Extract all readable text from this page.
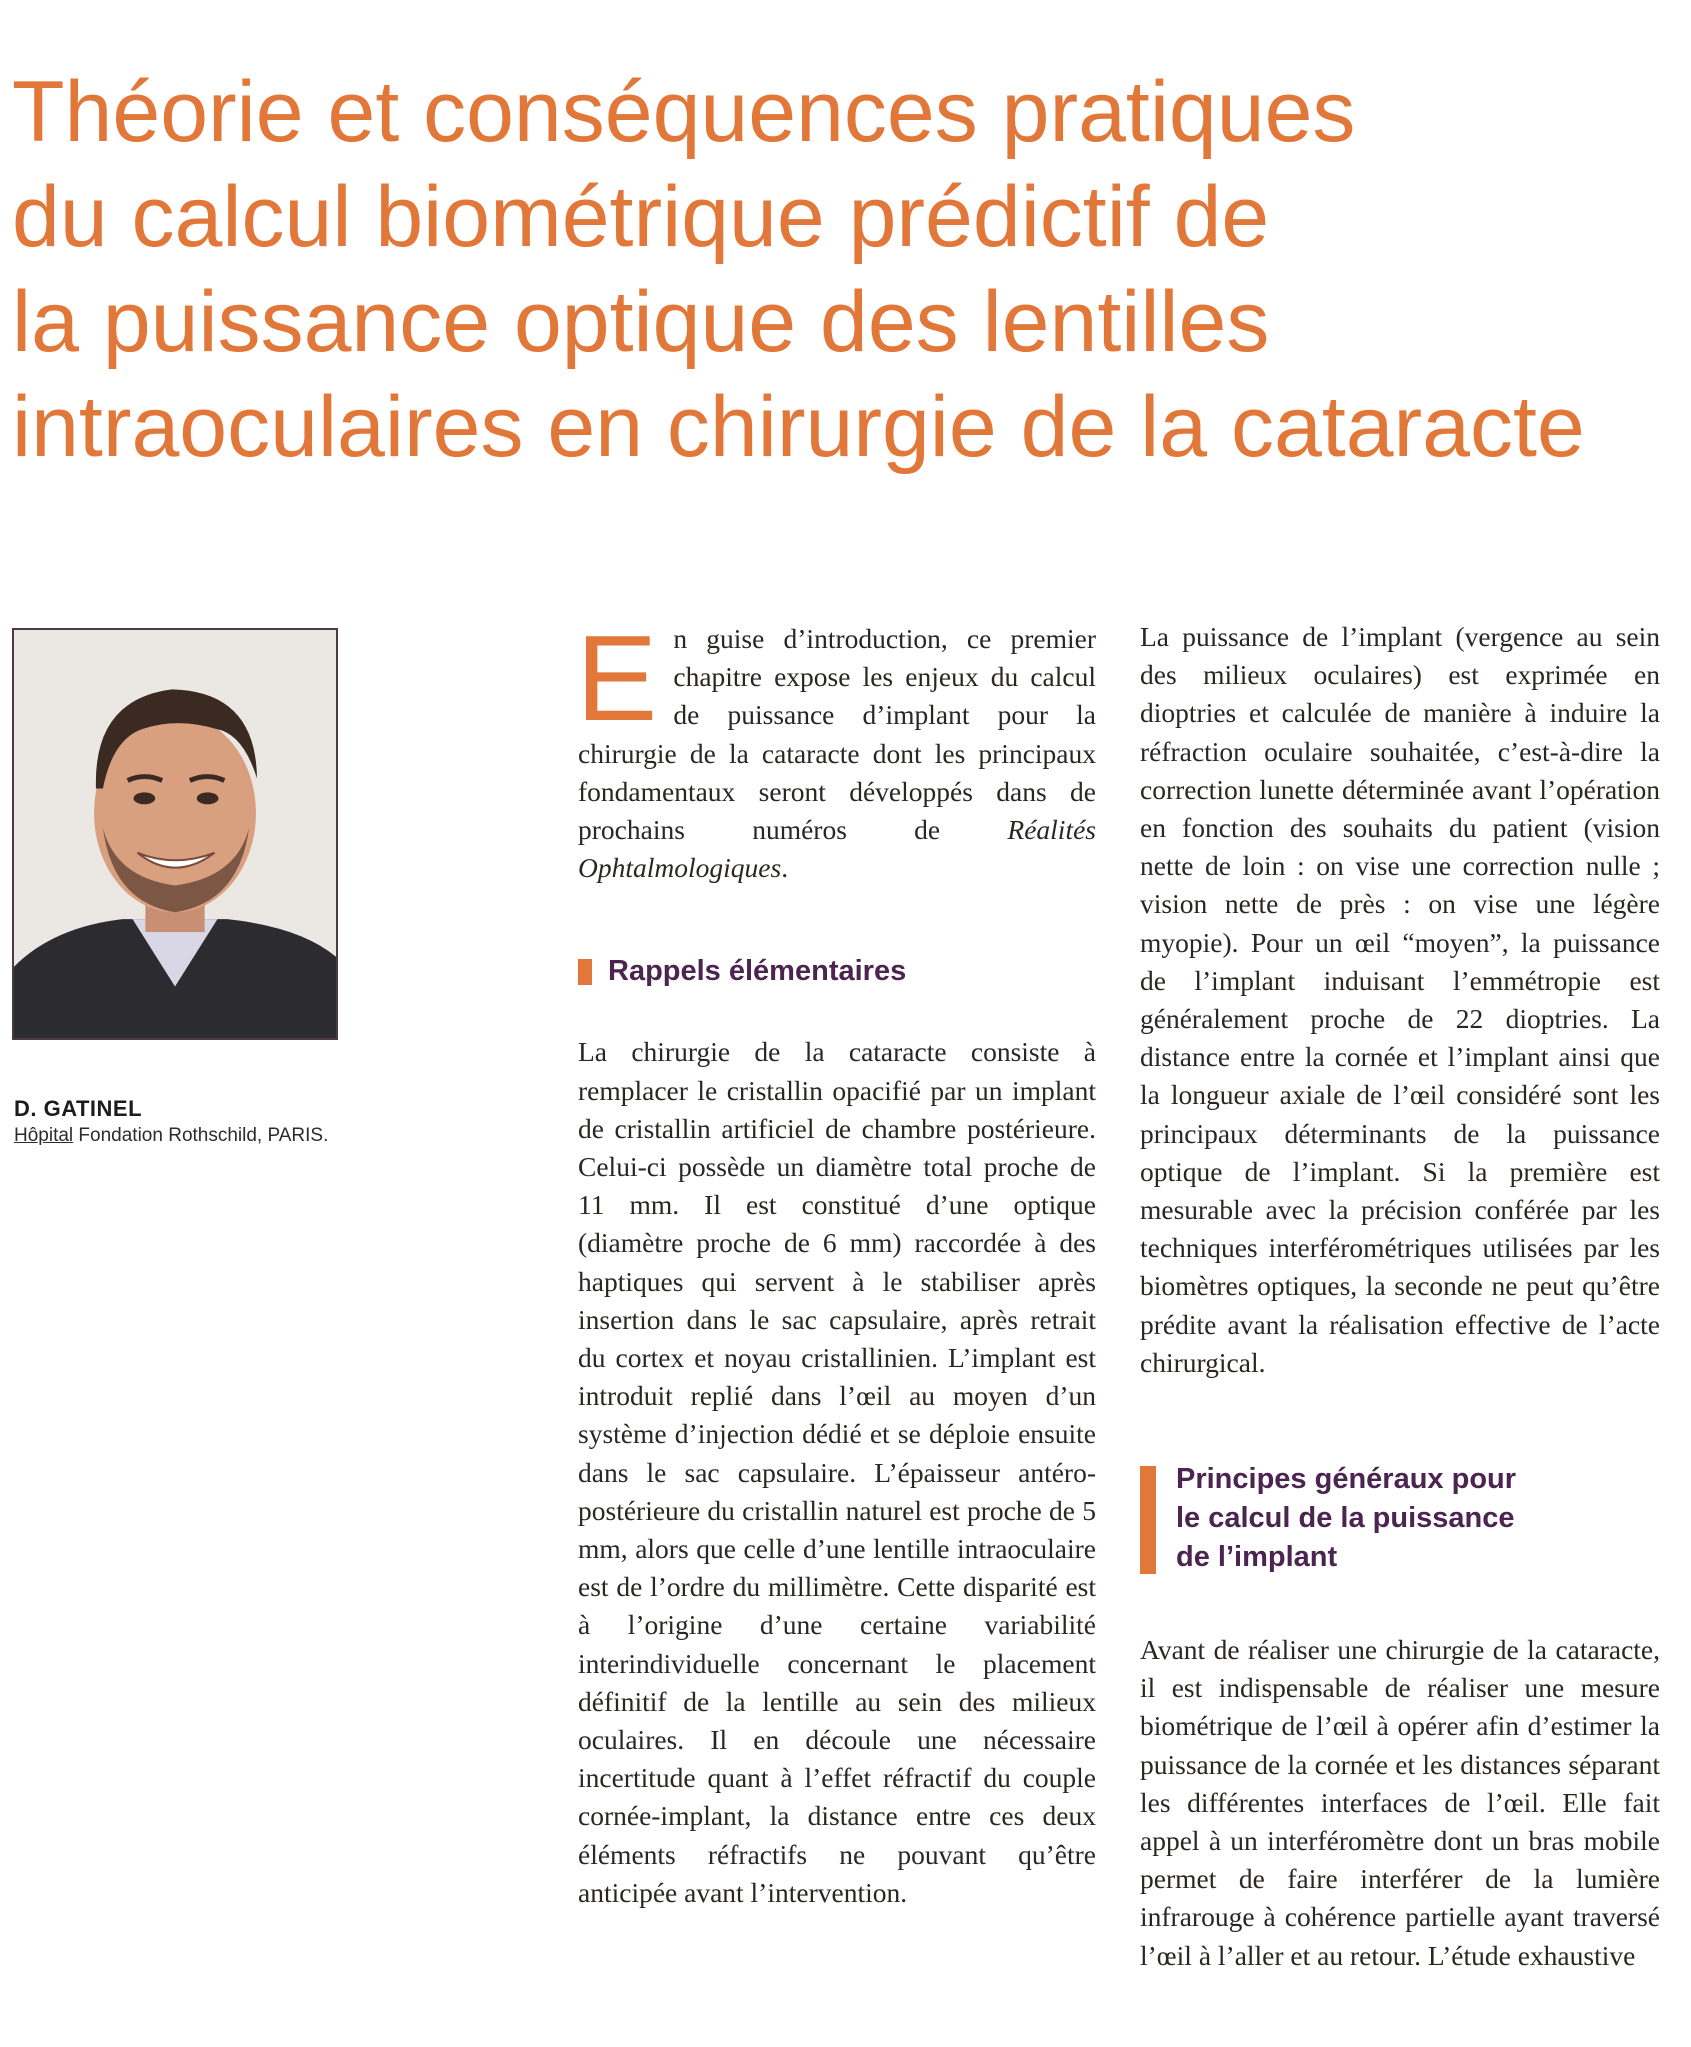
Théorie et conséquences pratiques
du calcul biométrique prédictif de
la puissance optique des lentilles
intraoculaires en chirurgie de la cataracte
D. GATINEL
Hôpital Fondation Rothschild, PARIS.

En guise d’introduction, ce premier chapitre expose les enjeux du calcul de puissance d’implant pour la chirurgie de la cataracte dont les principaux fondamentaux seront développés dans de prochains numéros de Réalités Ophtalmologiques.

Rappels élémentaires

La chirurgie de la cataracte consiste à remplacer le cristallin opacifié par un implant de cristallin artificiel de chambre postérieure. Celui-ci possède un diamètre total proche de 11 mm. Il est constitué d’une optique (diamètre proche de 6 mm) raccordée à des haptiques qui servent à le stabiliser après insertion dans le sac capsulaire, après retrait du cortex et noyau cristallinien. L’implant est introduit replié dans l’œil au moyen d’un système d’injection dédié et se déploie ensuite dans le sac capsulaire. L’épaisseur antéro-postérieure du cristallin naturel est proche de 5 mm, alors que celle d’une lentille intraoculaire est de l’ordre du millimètre. Cette disparité est à l’origine d’une certaine variabilité interindividuelle concernant le placement définitif de la lentille au sein des milieux oculaires. Il en découle une nécessaire incertitude quant à l’effet réfractif du couple cornée-implant, la distance entre ces deux éléments réfractifs ne pouvant qu’être anticipée avant l’intervention.

La puissance de l’implant (vergence au sein des milieux oculaires) est exprimée en dioptries et calculée de manière à induire la réfraction oculaire souhaitée, c’est-à-dire la correction lunette déterminée avant l’opération en fonction des souhaits du patient (vision nette de loin : on vise une correction nulle ; vision nette de près : on vise une légère myopie). Pour un œil “moyen”, la puissance de l’implant induisant l’emmétropie est généralement proche de 22 dioptries. La distance entre la cornée et l’implant ainsi que la longueur axiale de l’œil considéré sont les principaux déterminants de la puissance optique de l’implant. Si la première est mesurable avec la précision conférée par les techniques interférométriques utilisées par les biomètres optiques, la seconde ne peut qu’être prédite avant la réalisation effective de l’acte chirurgical.

Principes généraux pour
le calcul de la puissance
de l’implant

Avant de réaliser une chirurgie de la cataracte, il est indispensable de réaliser une mesure biométrique de l’œil à opérer afin d’estimer la puissance de la cornée et les distances séparant les différentes interfaces de l’œil. Elle fait appel à un interféromètre dont un bras mobile permet de faire interférer de la lumière infrarouge à cohérence partielle ayant traversé l’œil à l’aller et au retour. L’étude exhaustive
